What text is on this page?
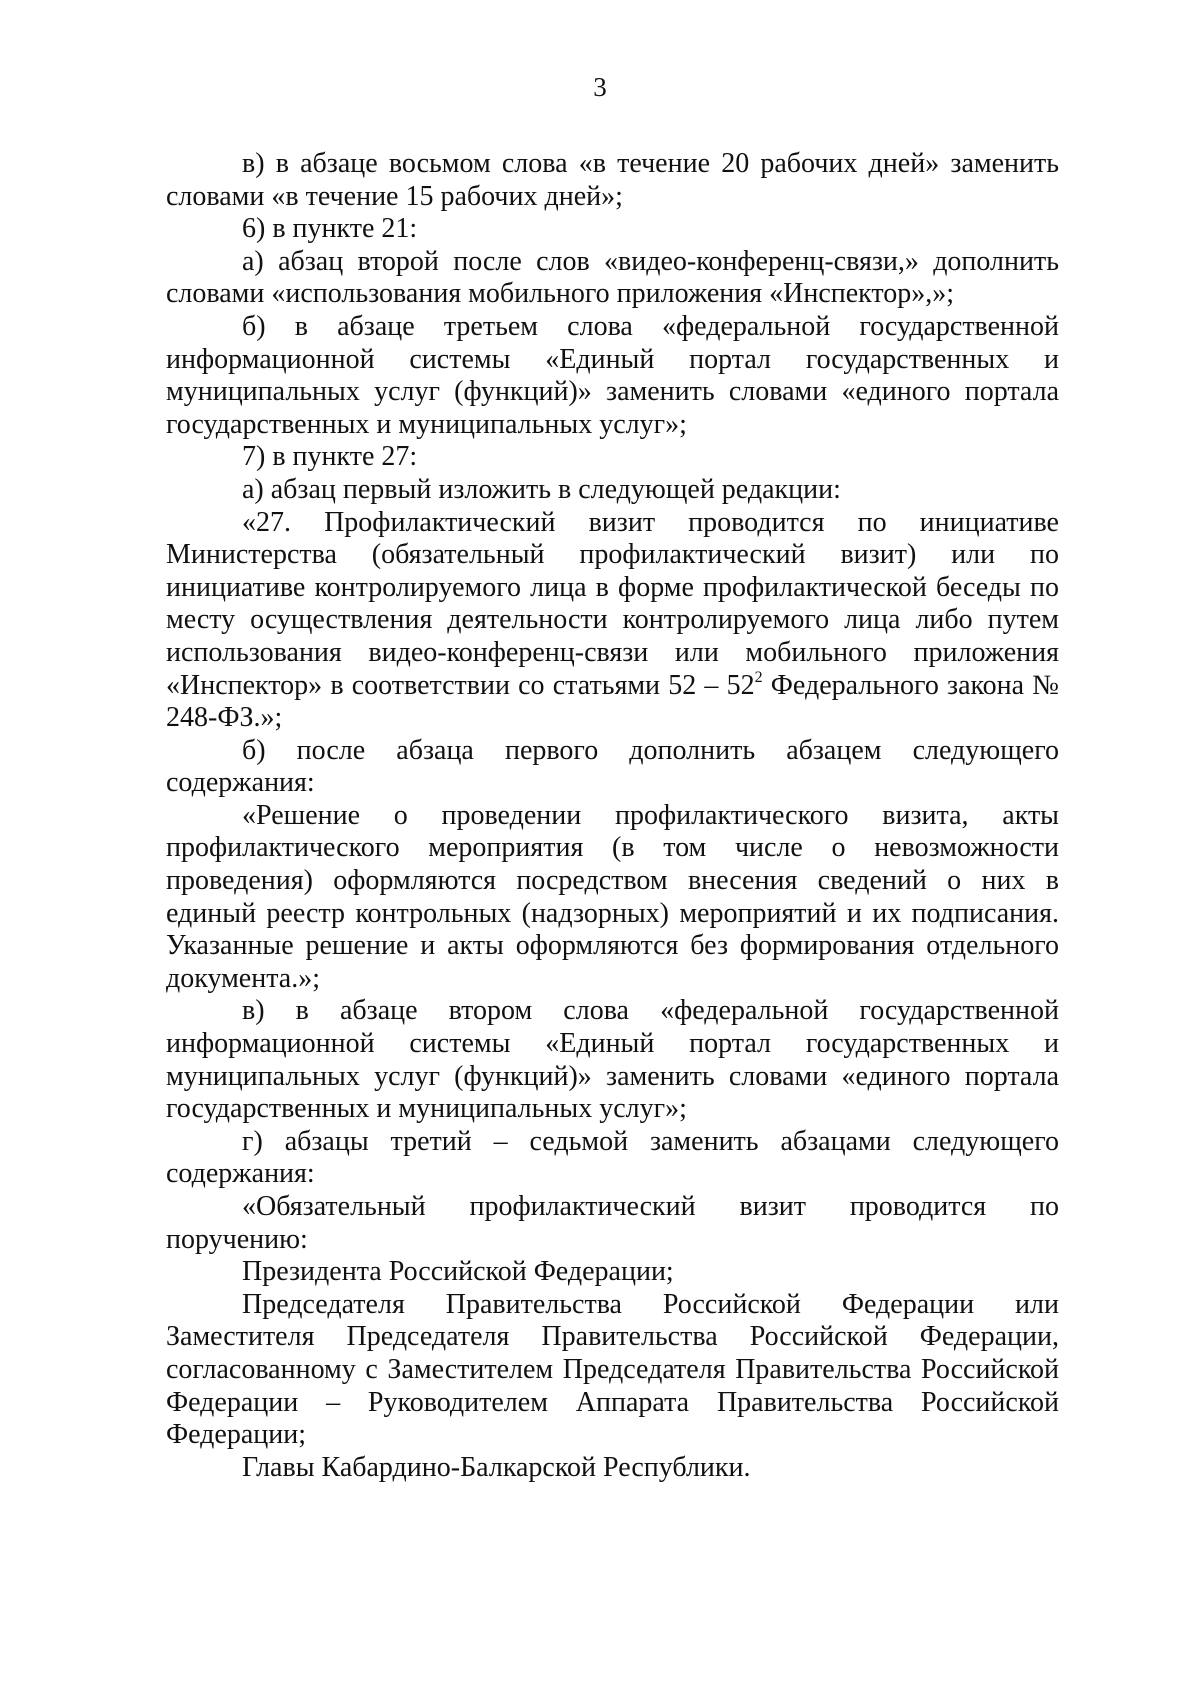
3

в) в абзаце восьмом слова «в течение 20 рабочих дней» заменить словами «в течение 15 рабочих дней»;

6) в пункте 21:

а) абзац второй после слов «видео-конференц-связи,» дополнить словами «использования мобильного приложения «Инспектор»,»;

б) в абзаце третьем слова «федеральной государственной информационной системы «Единый портал государственных и муниципальных услуг (функций)» заменить словами «единого портала государственных и муниципальных услуг»;

7) в пункте 27:

а) абзац первый изложить в следующей редакции:

«27. Профилактический визит проводится по инициативе Министерства (обязательный профилактический визит) или по инициативе контролируемого лица в форме профилактической беседы по месту осуществления деятельности контролируемого лица либо путем использования видео-конференц-связи или мобильного приложения «Инспектор» в соответствии со статьями $52 - 52^2$ Федерального закона № 248-ФЗ.»;

б) после абзаца первого дополнить абзацем следующего содержания:

«Решение о проведении профилактического визита, акты профилактического мероприятия (в том числе о невозможности проведения) оформляются посредством внесения сведений о них в единый реестр контрольных (надзорных) мероприятий и их подписания. Указанные решение и акты оформляются без формирования отдельного документа.»;

в) в абзаце втором слова «федеральной государственной информационной системы «Единый портал государственных и муниципальных услуг (функций)» заменить словами «единого портала государственных и муниципальных услуг»;

г) абзацы третий – седьмой заменить абзацами следующего содержания:

«Обязательный профилактический визит проводится по поручению:

Президента Российской Федерации;

Председателя Правительства Российской Федерации или Заместителя Председателя Правительства Российской Федерации, согласованному с Заместителем Председателя Правительства Российской Федерации – Руководителем Аппарата Правительства Российской Федерации;

Главы Кабардино-Балкарской Республики.
